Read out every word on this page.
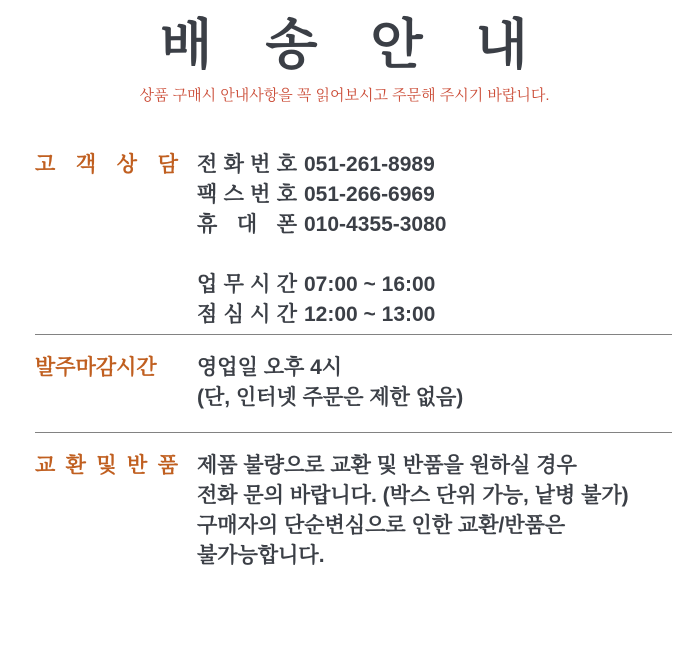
배 송 안 내

상품 구매시 안내사항을 꼭 읽어보시고 주문해 주시기 바랍니다.

고 객 상 담 전 화 번 호 051-261-8989
팩 스 번 호 051-266-6969
휴 대 폰 010-4355-3080
업 무 시 간 07:00 ~ 16:00
점 심 시 간 12:00 ~ 13:00
발주마감시간	영업일 오후 4시
(단, 인터넷 주문은 제한 없음)
교 환 및 반 품 제품 불량으로 교환 및 반품을 원하실 경우
전화 문의 바랍니다. (박스 단위 가능, 낱병 불가)
구매자의 단순변심으로 인한 교환/반품은
불가능합니다.
